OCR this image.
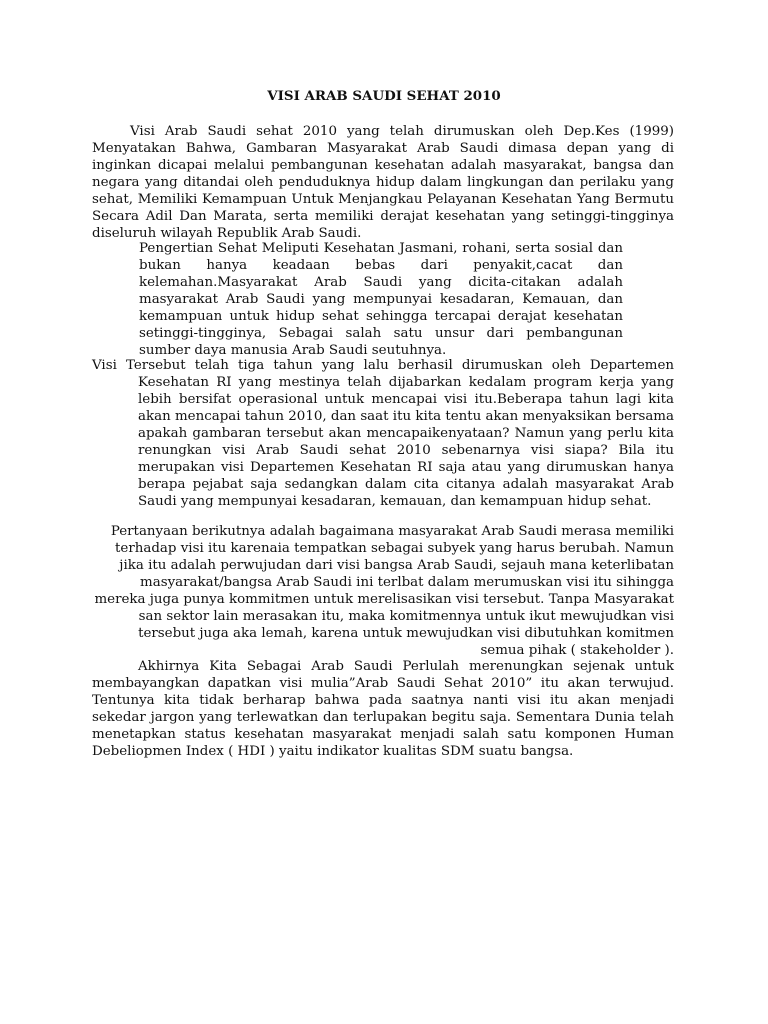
VISI ARAB SAUDI SEHAT 2010

Visi Arab Saudi sehat 2010 yang telah dirumuskan oleh Dep.Kes (1999) Menyatakan Bahwa, Gambaran Masyarakat Arab Saudi dimasa depan yang di inginkan dicapai melalui pembangunan kesehatan adalah masyarakat, bangsa dan negara yang ditandai oleh penduduknya hidup dalam lingkungan dan perilaku yang sehat, Memiliki Kemampuan Untuk Menjangkau Pelayanan Kesehatan Yang Bermutu Secara Adil Dan Marata, serta memiliki derajat kesehatan yang setinggi-tingginya diseluruh wilayah Republik Arab Saudi.

Pengertian Sehat Meliputi Kesehatan Jasmani, rohani, serta sosial dan bukan hanya keadaan bebas dari penyakit,cacat dan kelemahan.Masyarakat Arab Saudi yang dicita-citakan adalah masyarakat Arab Saudi yang mempunyai kesadaran, Kemauan, dan kemampuan untuk hidup sehat sehingga tercapai derajat kesehatan setinggi-tingginya, Sebagai salah satu unsur dari pembangunan sumber daya manusia Arab Saudi seutuhnya.

Visi Tersebut telah tiga tahun yang lalu berhasil dirumuskan oleh Departemen Kesehatan RI yang mestinya telah dijabarkan kedalam program kerja yang lebih bersifat operasional untuk mencapai visi itu.Beberapa tahun lagi kita akan mencapai tahun 2010, dan saat itu kita tentu akan menyaksikan bersama apakah gambaran tersebut akan mencapaikenyataan? Namun yang perlu kita renungkan visi Arab Saudi sehat 2010 sebenarnya visi siapa? Bila itu merupakan visi Departemen Kesehatan RI saja atau yang dirumuskan hanya berapa pejabat saja sedangkan dalam cita citanya adalah masyarakat Arab Saudi yang mempunyai kesadaran, kemauan, dan kemampuan hidup sehat.

Pertanyaan berikutnya adalah bagaimana masyarakat Arab Saudi merasa memiliki terhadap visi itu karenaia tempatkan sebagai subyek yang harus berubah. Namun jika itu adalah perwujudan dari visi bangsa Arab Saudi, sejauh mana keterlibatan masyarakat/bangsa Arab Saudi ini terlbat dalam merumuskan visi itu sihingga mereka juga punya kommitmen untuk merelisasikan visi tersebut. Tanpa Masyarakat san sektor lain merasakan itu, maka komitmennya untuk ikut mewujudkan visi tersebut juga aka lemah, karena untuk mewujudkan visi dibutuhkan komitmen semua pihak ( stakeholder ).

Akhirnya Kita Sebagai Arab Saudi Perlulah merenungkan sejenak untuk membayangkan dapatkan visi mulia”Arab Saudi Sehat 2010” itu akan terwujud. Tentunya kita tidak berharap bahwa pada saatnya nanti visi itu akan menjadi sekedar jargon yang terlewatkan dan terlupakan begitu saja. Sementara Dunia telah menetapkan status kesehatan masyarakat menjadi salah satu komponen Human Debeliopmen Index ( HDI ) yaitu indikator kualitas SDM suatu bangsa.
